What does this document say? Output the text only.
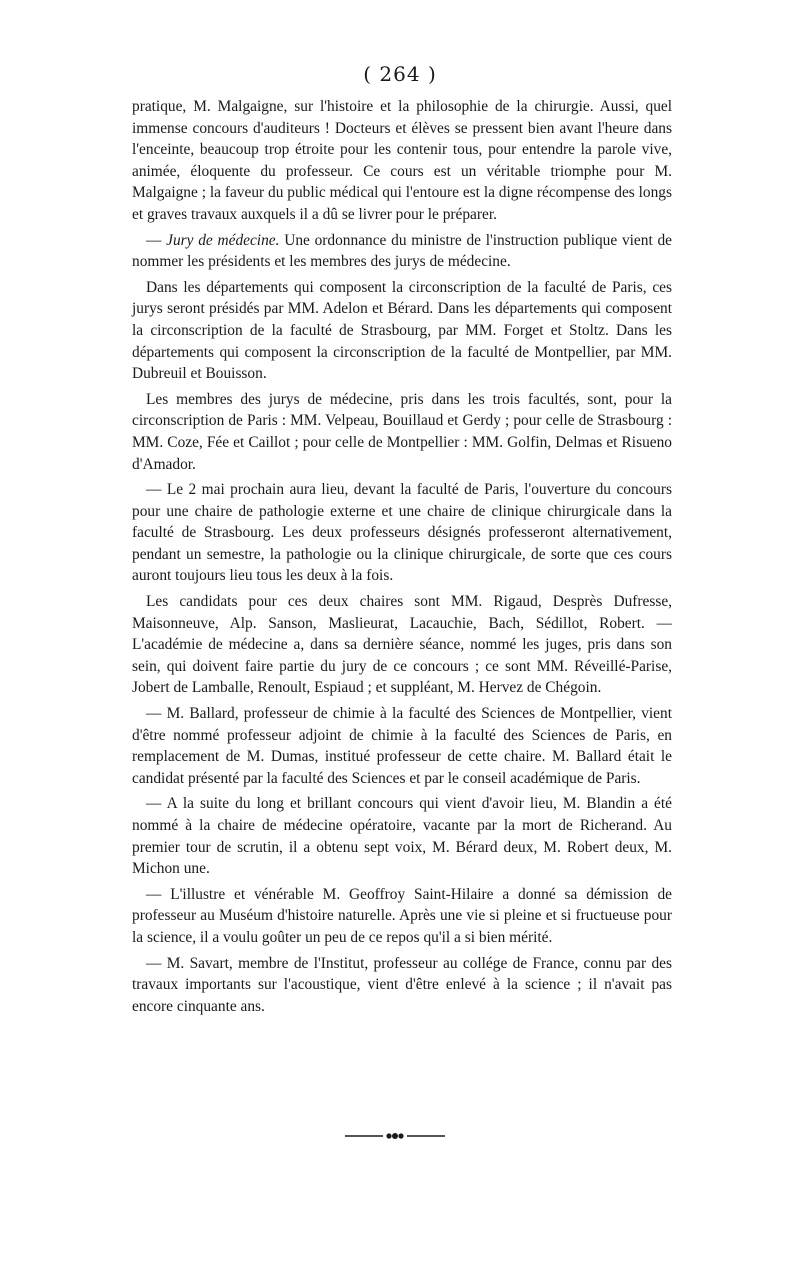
( 264 )

pratique, M. Malgaigne, sur l'histoire et la philosophie de la chirurgie. Aussi, quel immense concours d'auditeurs ! Docteurs et élèves se pressent bien avant l'heure dans l'enceinte, beaucoup trop étroite pour les contenir tous, pour entendre la parole vive, animée, éloquente du professeur. Ce cours est un véritable triomphe pour M. Malgaigne ; la faveur du public médical qui l'entoure est la digne récompense des longs et graves travaux auxquels il a dû se livrer pour le préparer.

— Jury de médecine. Une ordonnance du ministre de l'instruction publique vient de nommer les présidents et les membres des jurys de médecine.

Dans les départements qui composent la circonscription de la faculté de Paris, ces jurys seront présidés par MM. Adelon et Bérard. Dans les départements qui composent la circonscription de la faculté de Strasbourg, par MM. Forget et Stoltz. Dans les départements qui composent la circonscription de la faculté de Montpellier, par MM. Dubreuil et Bouisson.

Les membres des jurys de médecine, pris dans les trois facultés, sont, pour la circonscription de Paris : MM. Velpeau, Bouillaud et Gerdy ; pour celle de Strasbourg : MM. Coze, Fée et Caillot ; pour celle de Montpellier : MM. Golfin, Delmas et Risueno d'Amador.

— Le 2 mai prochain aura lieu, devant la faculté de Paris, l'ouverture du concours pour une chaire de pathologie externe et une chaire de clinique chirurgicale dans la faculté de Strasbourg. Les deux professeurs désignés professeront alternativement, pendant un semestre, la pathologie ou la clinique chirurgicale, de sorte que ces cours auront toujours lieu tous les deux à la fois.

Les candidats pour ces deux chaires sont MM. Rigaud, Desprès Dufresse, Maisonneuve, Alp. Sanson, Maslieurat, Lacauchie, Bach, Sédillot, Robert. — L'académie de médecine a, dans sa dernière séance, nommé les juges, pris dans son sein, qui doivent faire partie du jury de ce concours ; ce sont MM. Réveillé-Parise, Jobert de Lamballe, Renoult, Espiaud ; et suppléant, M. Hervez de Chégoin.

— M. Ballard, professeur de chimie à la faculté des Sciences de Montpellier, vient d'être nommé professeur adjoint de chimie à la faculté des Sciences de Paris, en remplacement de M. Dumas, institué professeur de cette chaire. M. Ballard était le candidat présenté par la faculté des Sciences et par le conseil académique de Paris.

— A la suite du long et brillant concours qui vient d'avoir lieu, M. Blandin a été nommé à la chaire de médecine opératoire, vacante par la mort de Richerand. Au premier tour de scrutin, il a obtenu sept voix, M. Bérard deux, M. Robert deux, M. Michon une.

— L'illustre et vénérable M. Geoffroy Saint-Hilaire a donné sa démission de professeur au Muséum d'histoire naturelle. Après une vie si pleine et si fructueuse pour la science, il a voulu goûter un peu de ce repos qu'il a si bien mérité.

— M. Savart, membre de l'Institut, professeur au collége de France, connu par des travaux importants sur l'acoustique, vient d'être enlevé à la science ; il n'avait pas encore cinquante ans.
